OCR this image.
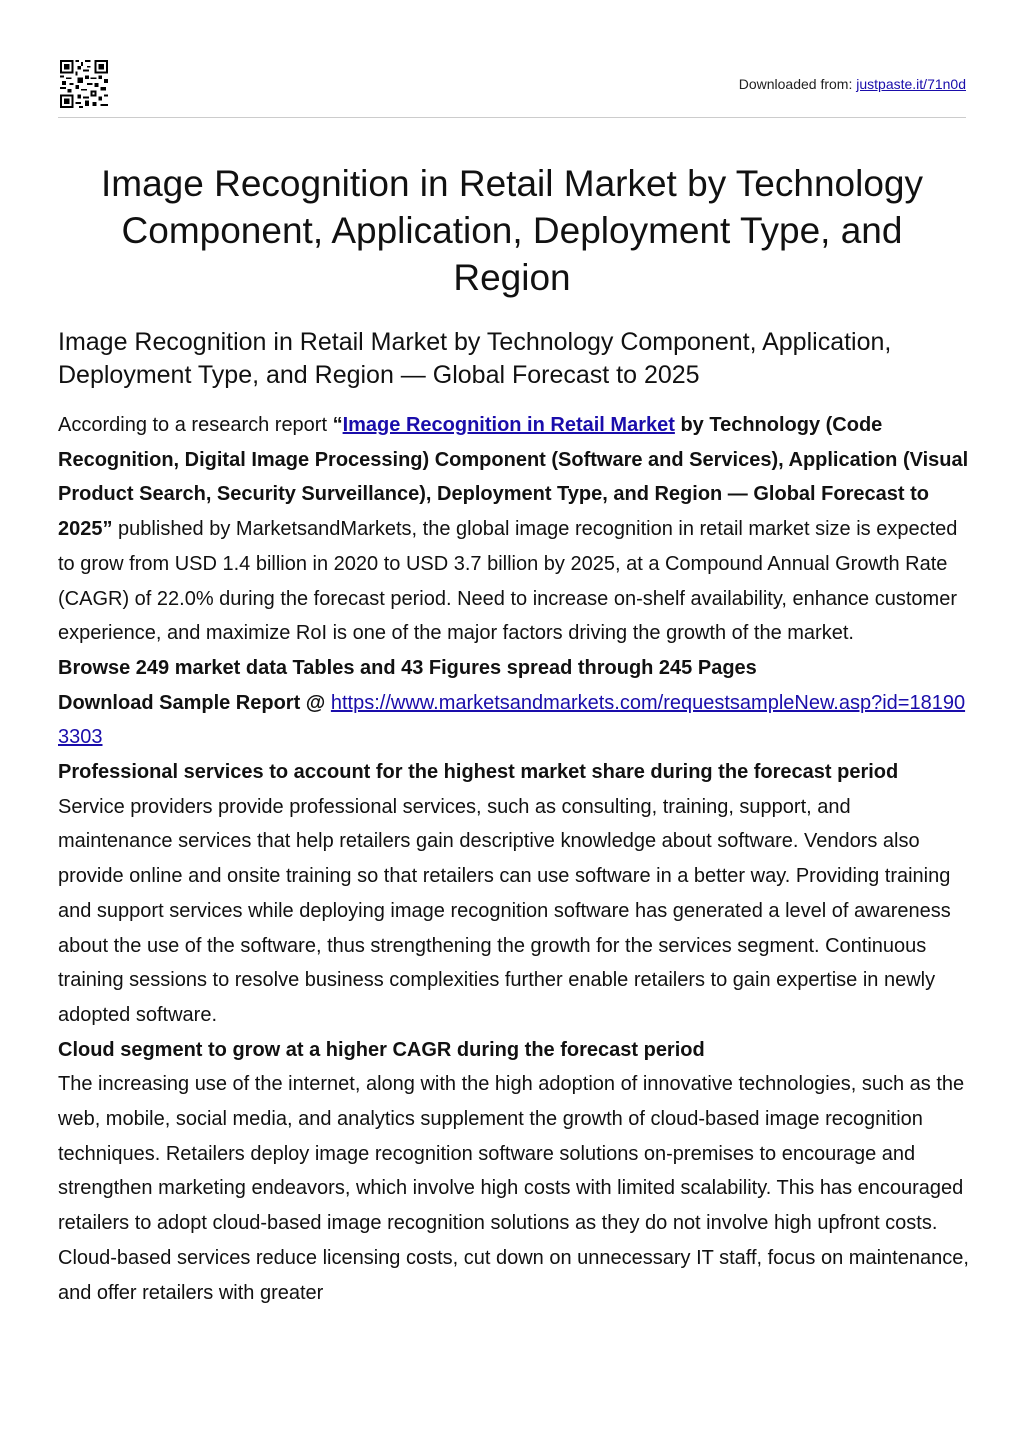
Downloaded from: justpaste.it/71n0d
Image Recognition in Retail Market by Technology Component, Application, Deployment Type, and Region
Image Recognition in Retail Market by Technology Component, Application, Deployment Type, and Region — Global Forecast to 2025

According to a research report “Image Recognition in Retail Market by Technology (Code Recognition, Digital Image Processing) Component (Software and Services), Application (Visual Product Search, Security Surveillance), Deployment Type, and Region — Global Forecast to 2025” published by MarketsandMarkets, the global image recognition in retail market size is expected to grow from USD 1.4 billion in 2020 to USD 3.7 billion by 2025, at a Compound Annual Growth Rate (CAGR) of 22.0% during the forecast period. Need to increase on-shelf availability, enhance customer experience, and maximize RoI is one of the major factors driving the growth of the market.

Browse 249 market data Tables and 43 Figures spread through 245 Pages

Download Sample Report @ https://www.marketsandmarkets.com/requestsampleNew.asp?id=181903303

Professional services to account for the highest market share during the forecast period

Service providers provide professional services, such as consulting, training, support, and maintenance services that help retailers gain descriptive knowledge about software. Vendors also provide online and onsite training so that retailers can use software in a better way. Providing training and support services while deploying image recognition software has generated a level of awareness about the use of the software, thus strengthening the growth for the services segment. Continuous training sessions to resolve business complexities further enable retailers to gain expertise in newly adopted software.

Cloud segment to grow at a higher CAGR during the forecast period

The increasing use of the internet, along with the high adoption of innovative technologies, such as the web, mobile, social media, and analytics supplement the growth of cloud-based image recognition techniques. Retailers deploy image recognition software solutions on-premises to encourage and strengthen marketing endeavors, which involve high costs with limited scalability. This has encouraged retailers to adopt cloud-based image recognition solutions as they do not involve high upfront costs. Cloud-based services reduce licensing costs, cut down on unnecessary IT staff, focus on maintenance, and offer retailers with greater
